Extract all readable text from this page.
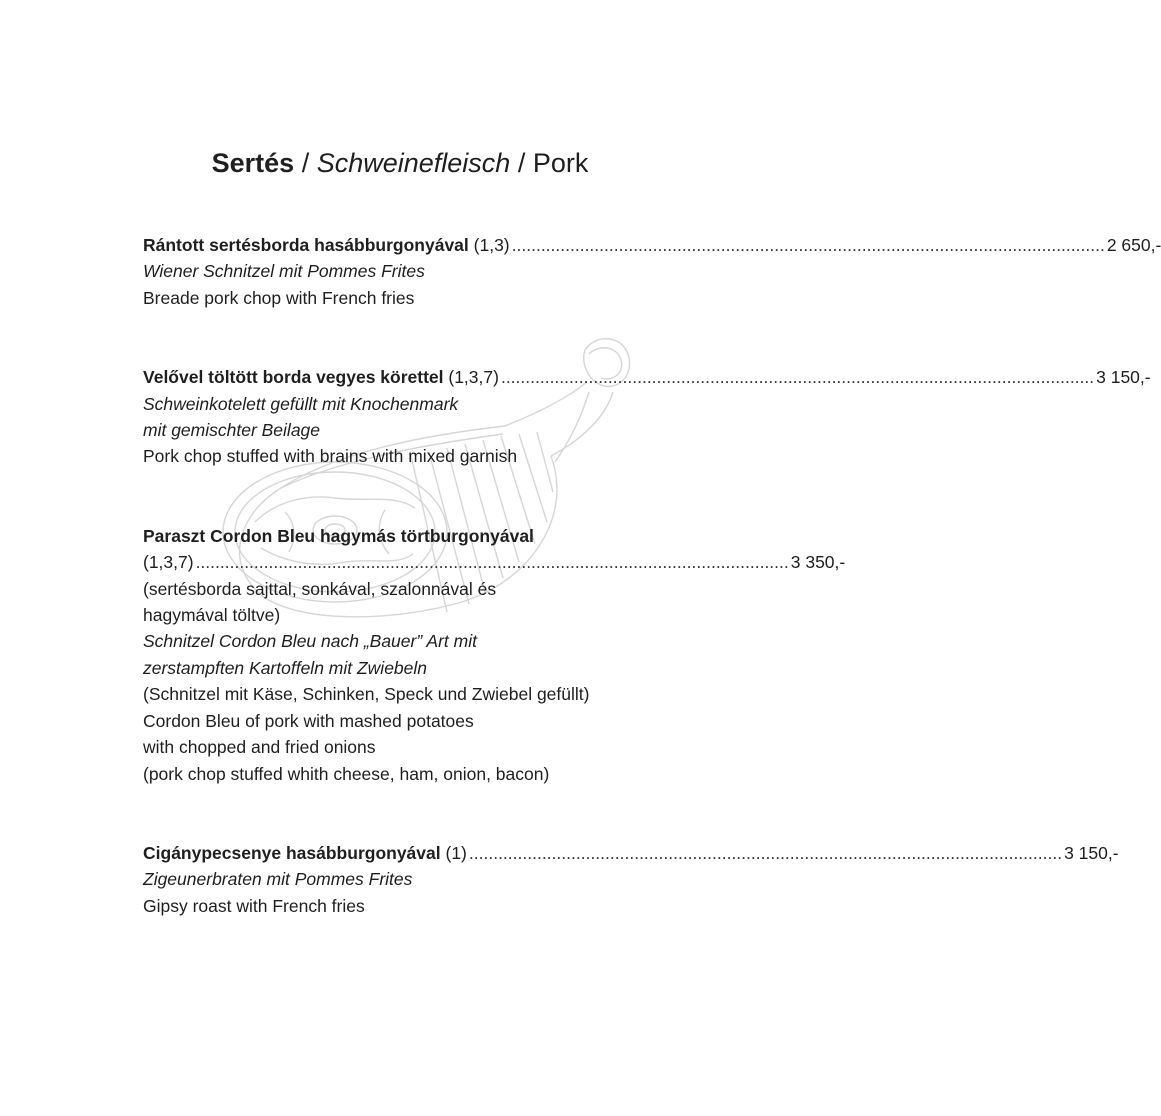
Sertés / Schweinefleisch / Pork
Rántott sertésborda hasábburgonyával
(1,3) .......................................................................................................................... 2 650,-
Wiener Schnitzel mit Pommes Frites
Breade pork chop with French fries
Velővel töltött borda vegyes körettel
(1,3,7) .......................................................................................................................... 3 150,-
Schweinkotelett gefüllt mit Knochenmark
mit gemischter Beilage
Pork chop stuffed with brains with mixed garnish
Paraszt Cordon Bleu hagymás törtburgonyával
(1,3,7) .......................................................................................................................... 3 350,-
(sertésborda sajttal, sonkával, szalonnával és
hagymával töltve)
Schnitzel Cordon Bleu nach „Bauer” Art mit
zerstampften Kartoffeln mit Zwiebeln
(Schnitzel mit Käse, Schinken, Speck und Zwiebel gefüllt)
Cordon Bleu of pork with mashed potatoes
with chopped and fried onions
(pork chop stuffed whith cheese, ham, onion, bacon)
Cigánypecsenye hasábburgonyával
(1) .......................................................................................................................... 3 150,-
Zigeunerbraten mit Pommes Frites
Gipsy roast with French fries
